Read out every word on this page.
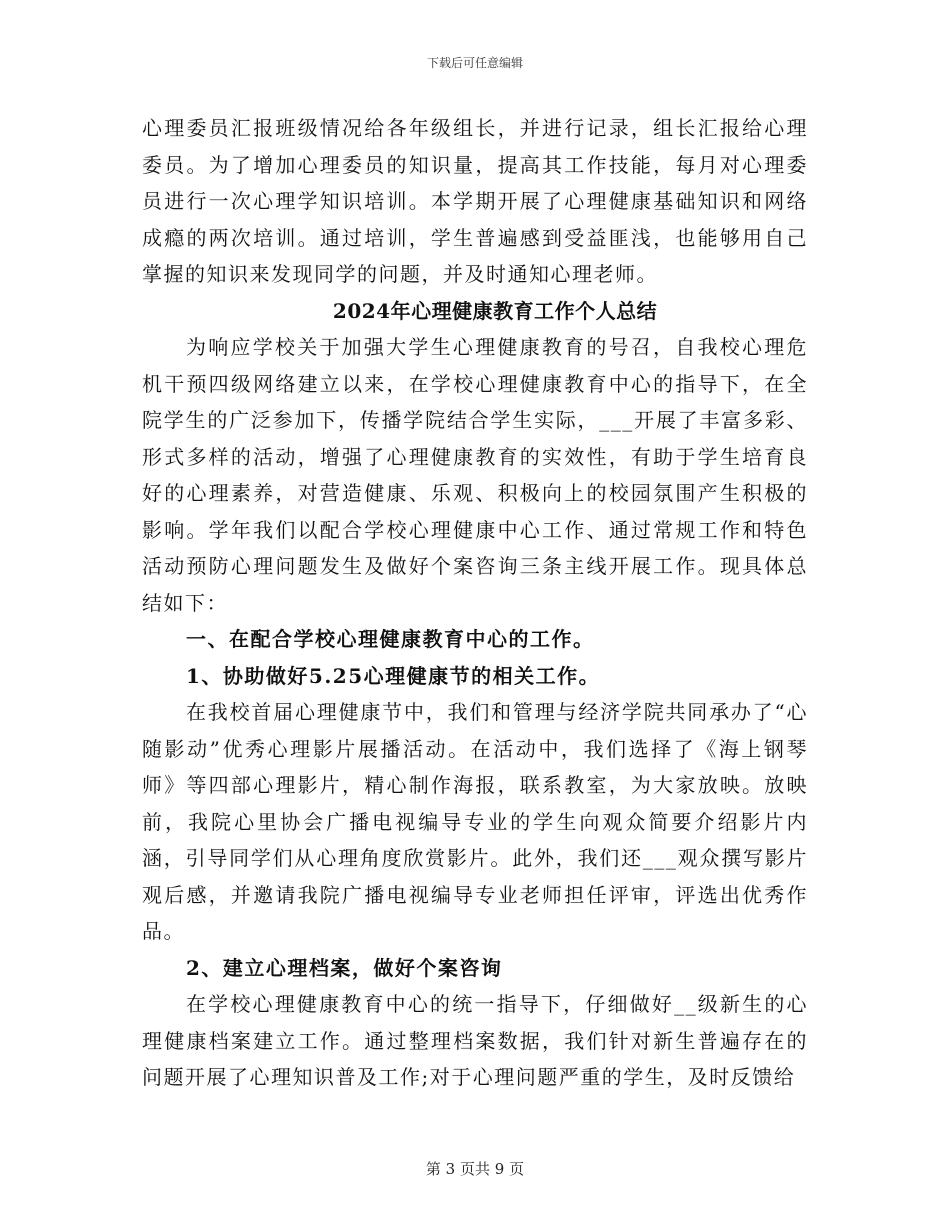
下载后可任意编辑

心理委员汇报班级情况给各年级组长，并进行记录，组长汇报给心理委员。为了增加心理委员的知识量，提高其工作技能，每月对心理委员进行一次心理学知识培训。本学期开展了心理健康基础知识和网络成瘾的两次培训。通过培训，学生普遍感到受益匪浅，也能够用自己掌握的知识来发现同学的问题，并及时通知心理老师。

2024年心理健康教育工作个人总结

为响应学校关于加强大学生心理健康教育的号召，自我校心理危机干预四级网络建立以来，在学校心理健康教育中心的指导下，在全院学生的广泛参加下，传播学院结合学生实际，___开展了丰富多彩、形式多样的活动，增强了心理健康教育的实效性，有助于学生培育良好的心理素养，对营造健康、乐观、积极向上的校园氛围产生积极的影响。学年我们以配合学校心理健康中心工作、通过常规工作和特色活动预防心理问题发生及做好个案咨询三条主线开展工作。现具体总结如下：

一、在配合学校心理健康教育中心的工作。

1、协助做好5.25心理健康节的相关工作。

在我校首届心理健康节中，我们和管理与经济学院共同承办了“心随影动”优秀心理影片展播活动。在活动中，我们选择了《海上钢琴师》等四部心理影片，精心制作海报，联系教室，为大家放映。放映前，我院心里协会广播电视编导专业的学生向观众简要介绍影片内涵，引导同学们从心理角度欣赏影片。此外，我们还___观众撰写影片观后感，并邀请我院广播电视编导专业老师担任评审，评选出优秀作品。

2、建立心理档案，做好个案咨询

在学校心理健康教育中心的统一指导下，仔细做好__级新生的心理健康档案建立工作。通过整理档案数据，我们针对新生普遍存在的问题开展了心理知识普及工作;对于心理问题严重的学生，及时反馈给

第 3 页共 9 页
